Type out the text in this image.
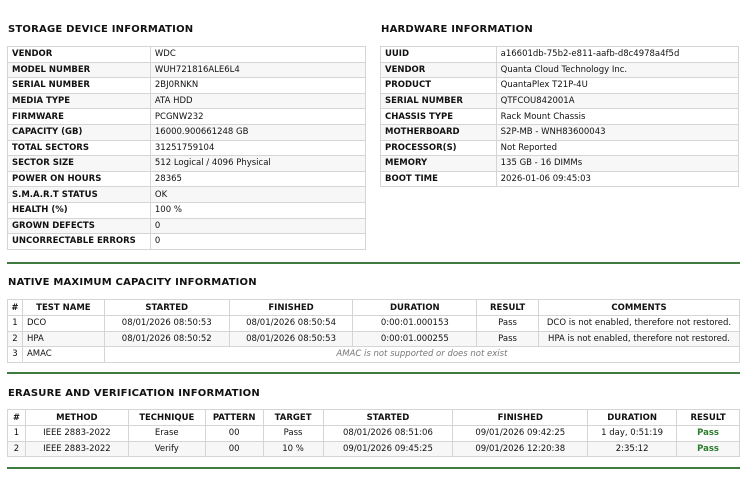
STORAGE DEVICE INFORMATION
VENDOR	WDC
MODEL NUMBER	WUH721816ALE6L4
SERIAL NUMBER	2BJ0RNKN
MEDIA TYPE	ATA HDD
FIRMWARE	PCGNW232
CAPACITY (GB)	16000.900661248 GB
TOTAL SECTORS	31251759104
SECTOR SIZE	512 Logical / 4096 Physical
POWER ON HOURS	28365
S.M.A.R.T STATUS	OK
HEALTH (%)	100 %
GROWN DEFECTS	0
UNCORRECTABLE ERRORS	0
HARDWARE INFORMATION
UUID	a16601db-75b2-e811-aafb-d8c4978a4f5d
VENDOR	Quanta Cloud Technology Inc.
PRODUCT	QuantaPlex T21P-4U
SERIAL NUMBER	QTFCOU842001A
CHASSIS TYPE	Rack Mount Chassis
MOTHERBOARD	S2P-MB - WNH83600043
PROCESSOR(S)	Not Reported
MEMORY	135 GB - 16 DIMMs
BOOT TIME	2026-01-06 09:45:03
NATIVE MAXIMUM CAPACITY INFORMATION
#	TEST NAME	STARTED	FINISHED	DURATION	RESULT	COMMENTS
1	DCO	08/01/2026 08:50:53	08/01/2026 08:50:54	0:00:01.000153	Pass	DCO is not enabled, therefore not restored.
2	HPA	08/01/2026 08:50:52	08/01/2026 08:50:53	0:00:01.000255	Pass	HPA is not enabled, therefore not restored.
3	AMAC	AMAC is not supported or does not exist				
ERASURE AND VERIFICATION INFORMATION
#	METHOD	TECHNIQUE	PATTERN	TARGET	STARTED	FINISHED	DURATION	RESULT
1	IEEE 2883-2022	Erase	00	Pass	08/01/2026 08:51:06	09/01/2026 09:42:25	1 day, 0:51:19	Pass
2	IEEE 2883-2022	Verify	00	10 %	09/01/2026 09:45:25	09/01/2026 12:20:38	2:35:12	Pass
